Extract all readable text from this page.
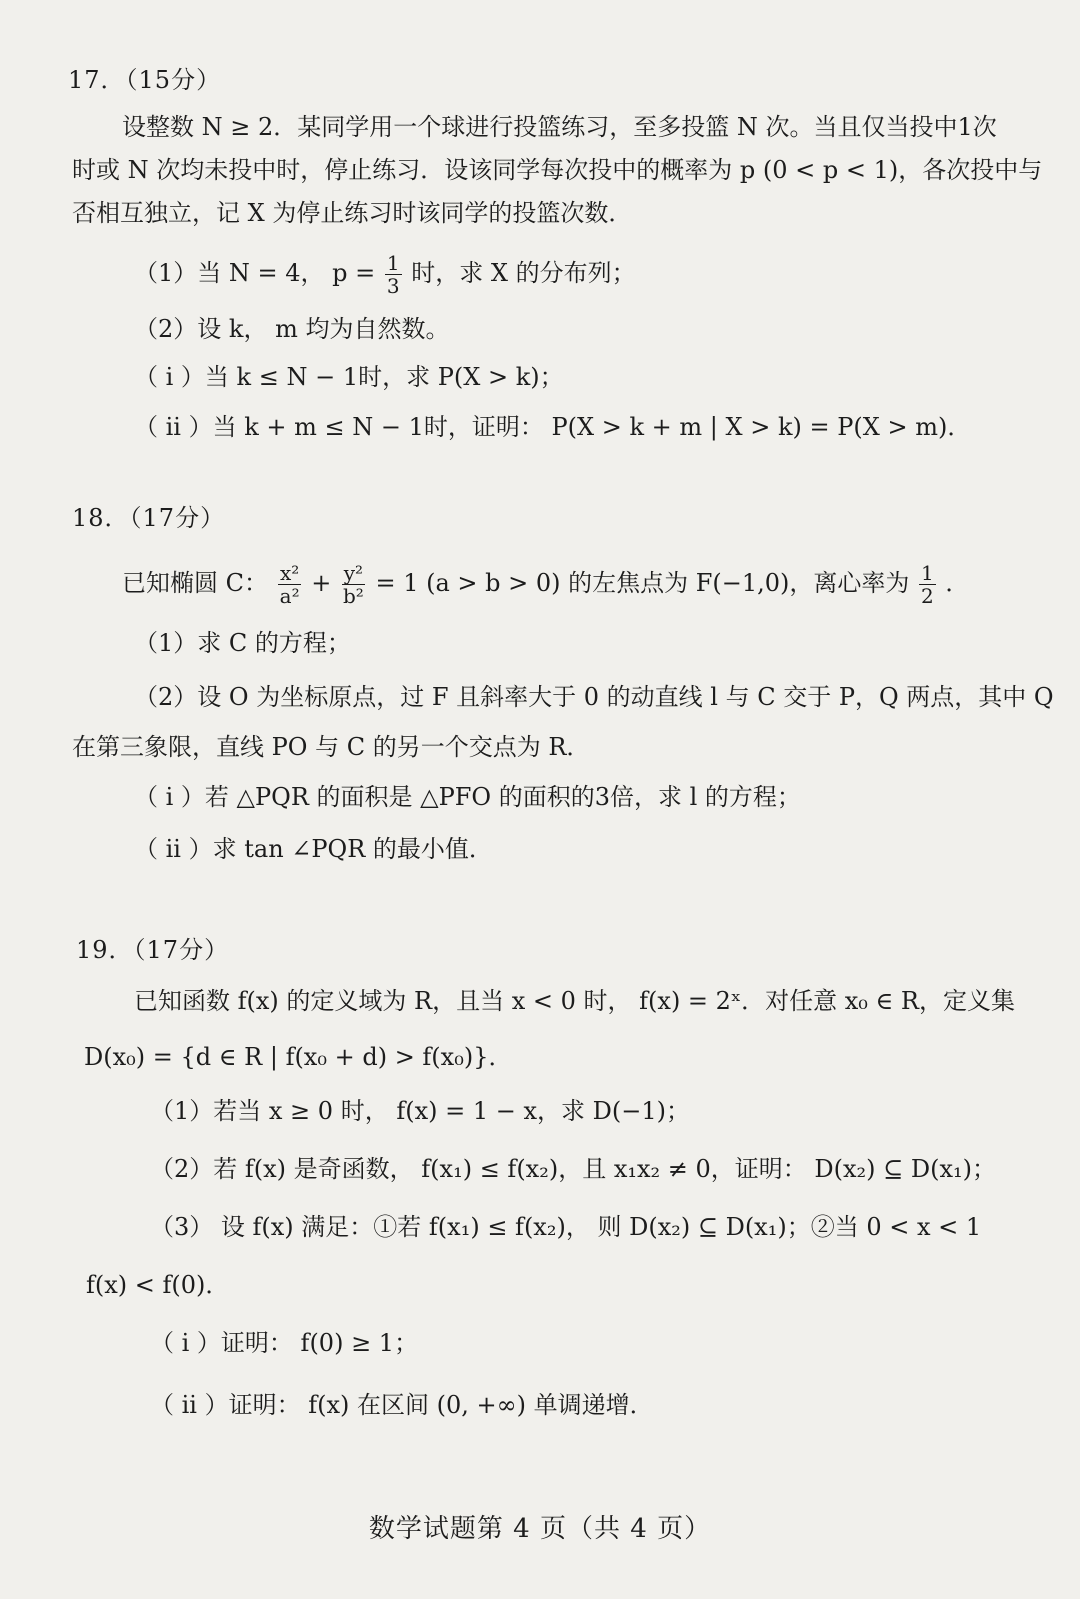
17．（15分）
设整数 N ≥ 2．某同学用一个球进行投篮练习，至多投篮 N 次。当且仅当投中1次
时或 N 次均未投中时，停止练习．设该同学每次投中的概率为 p (0 < p < 1)，各次投中与
否相互独立，记 X 为停止练习时该同学的投篮次数．
（1）当 N = 4， $p = \frac{1}{3}$ 时，求 X 的分布列；
（2）设 k， m 均为自然数。
（ i ）当 k ≤ N − 1时，求 P(X > k)；
（ ii ）当 k + m ≤ N − 1时，证明： P(X > k + m | X > k) = P(X > m)．
18．（17分）
已知椭圆 C： $\frac{\text{x²}}{\text{a²}} + \frac{\text{y²}}{\text{b²}} = 1$ (a > b > 0) 的左焦点为 F(−1,0)，离心率为 $\frac{1}{2}$ ．
（1）求 C 的方程；
（2）设 O 为坐标原点，过 F 且斜率大于 0 的动直线 l 与 C 交于 P，Q 两点，其中 Q
在第三象限，直线 PO 与 C 的另一个交点为 R．
（ i ）若 △PQR 的面积是 △PFO 的面积的3倍，求 l 的方程；
（ ii ）求 tan ∠PQR 的最小值．
19．（17分）
已知函数 f(x) 的定义域为 R，且当 x < 0 时， f(x) = 2ˣ．对任意 x₀ ∈ R，定义集
D(x₀) = {d ∈ R | f(x₀ + d) > f(x₀)}．
（1）若当 x ≥ 0 时， f(x) = 1 − x，求 D(−1)；
（2）若 f(x) 是奇函数， f(x₁) ≤ f(x₂)，且 x₁x₂ ≠ 0，证明： D(x₂) ⊆ D(x₁)；
（3） 设 f(x) 满足：①若 f(x₁) ≤ f(x₂)， 则 D(x₂) ⊆ D(x₁)；②当 0 < x < 1
f(x) < f(0)．
（ i ）证明： f(0) ≥ 1；
（ ii ）证明： f(x) 在区间 (0, +∞) 单调递增．
数学试题第 4 页（共 4 页）
